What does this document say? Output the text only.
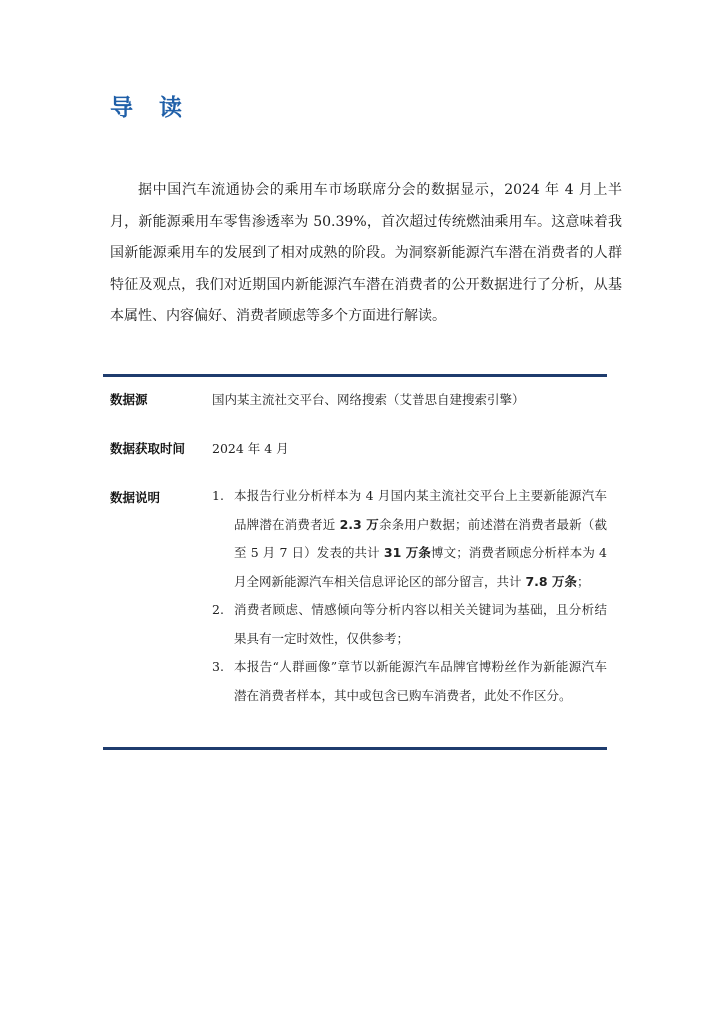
导 读

据中国汽车流通协会的乘用车市场联席分会的数据显示，2024 年 4 月上半月，新能源乘用车零售渗透率为 50.39%，首次超过传统燃油乘用车。这意味着我国新能源乘用车的发展到了相对成熟的阶段。为洞察新能源汽车潜在消费者的人群特征及观点，我们对近期国内新能源汽车潜在消费者的公开数据进行了分析，从基本属性、内容偏好、消费者顾虑等多个方面进行解读。

数据源	国内某主流社交平台、网络搜索（艾普思自建搜索引擎）
数据获取时间 2024 年 4 月
数据说明	1. 本报告行业分析样本为 4 月国内某主流社交平台上主要新能源汽车品牌潜在消费者近 2.3 万余条用户数据；前述潜在消费者最新（截至 5 月 7 日）发表的共计 31 万条博文；消费者顾虑分析样本为 4 月全网新能源汽车相关信息评论区的部分留言，共计 7.8 万条；
2. 消费者顾虑、情感倾向等分析内容以相关关键词为基础，且分析结果具有一定时效性，仅供参考；
3. 本报告“人群画像”章节以新能源汽车品牌官博粉丝作为新能源汽车潜在消费者样本，其中或包含已购车消费者，此处不作区分。
